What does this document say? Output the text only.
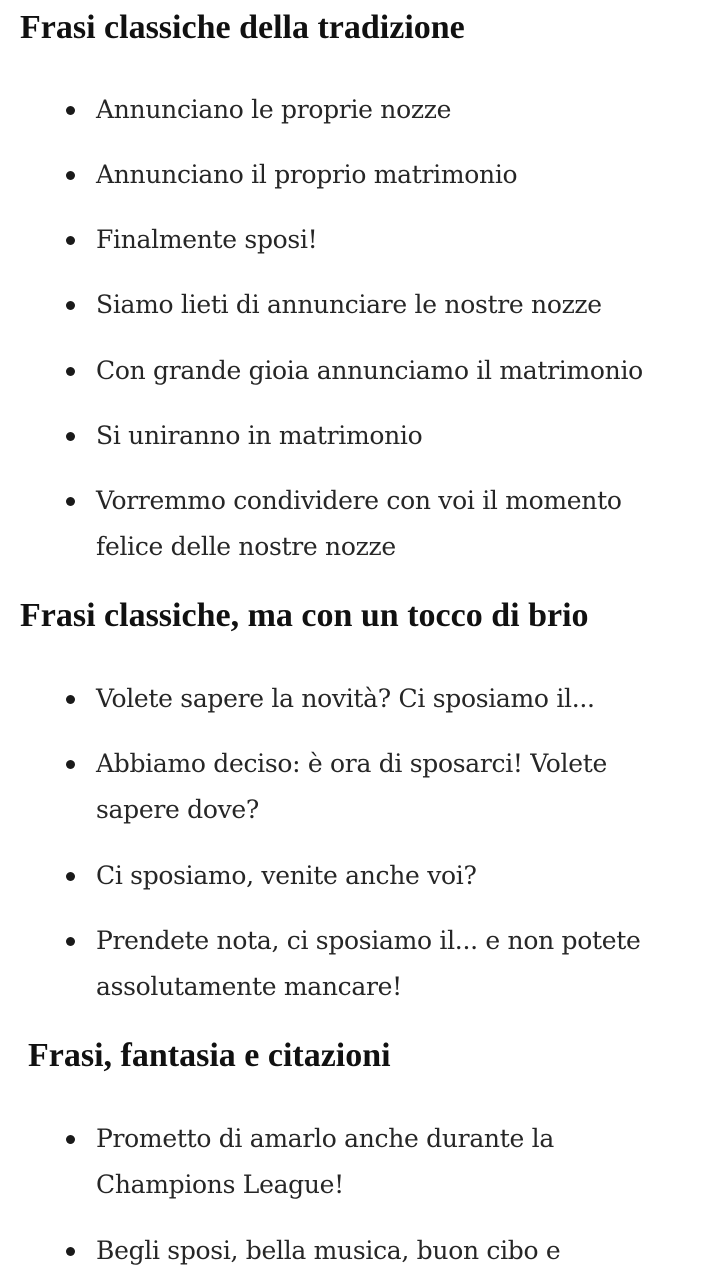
Frasi classiche della tradizione
Annunciano le proprie nozze
Annunciano il proprio matrimonio
Finalmente sposi!
Siamo lieti di annunciare le nostre nozze
Con grande gioia annunciamo il matrimonio
Si uniranno in matrimonio
Vorremmo condividere con voi il momento felice delle nostre nozze
Frasi classiche, ma con un tocco di brio
Volete sapere la novità? Ci sposiamo il...
Abbiamo deciso: è ora di sposarci! Volete sapere dove?
Ci sposiamo, venite anche voi?
Prendete nota, ci sposiamo il... e non potete assolutamente mancare!
Frasi, fantasia e citazioni
Prometto di amarlo anche durante la Champions League!
Begli sposi, bella musica, buon cibo e
